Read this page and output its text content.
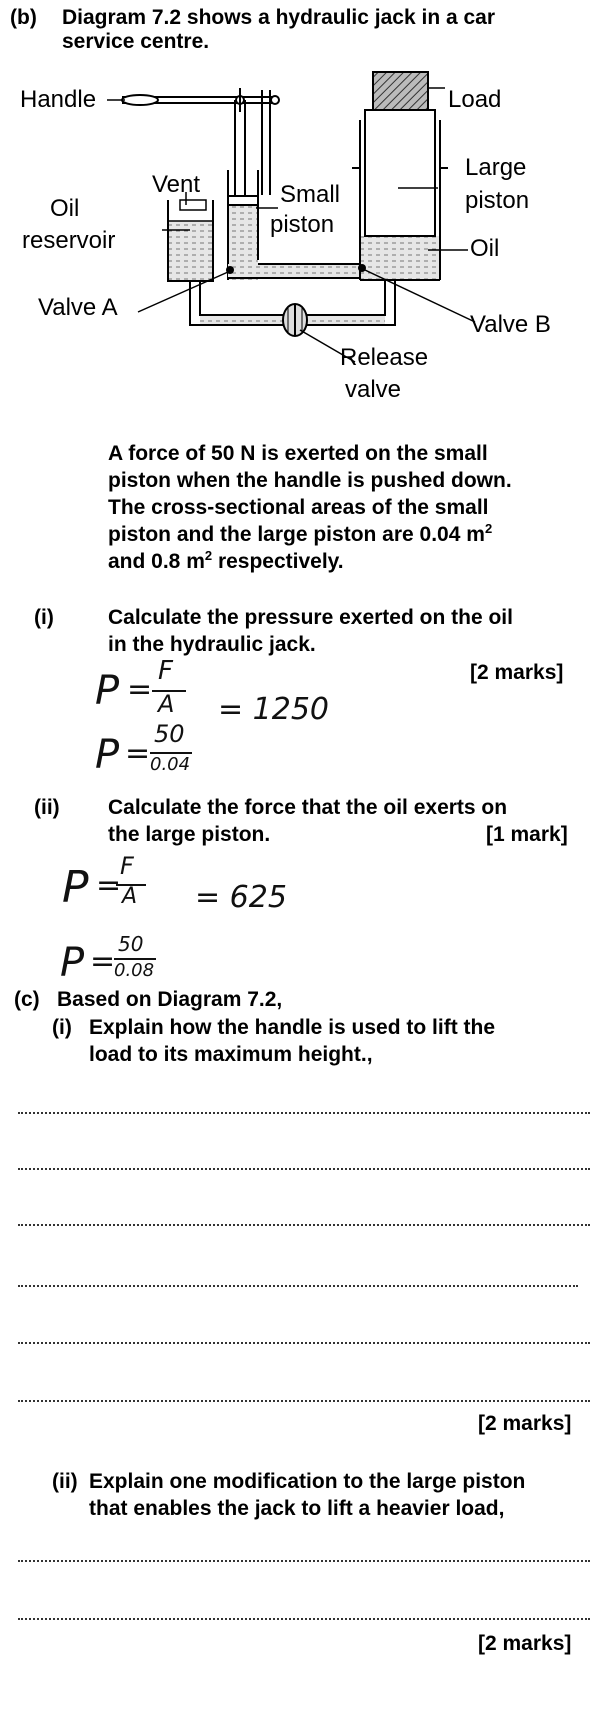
(b) Diagram 7.2 shows a hydraulic jack in a car
service centre.
Handle	Load
Vent	Small
piston
Large
piston
Oil
reservoir	Oil
Valve A
Valve B
Release
valve
A force of 50 N is exerted on the small
piston when the handle is pushed down.
The cross-sectional areas of the small
piston and the large piston are 0.04 $m^2$
and 0.8 $m^2$ respectively.
(i)	Calculate the pressure exerted on the oil
in the hydraulic jack.
[2 marks]
P =
F
A = 1250
P =
50
0.04
(ii) Calculate the force that the oil exerts on
the large piston.	[1 mark]
P =
F
A = 625
P = 50
0.08
(c) Based on Diagram 7.2,
(i) Explain how the handle is used to lift the
load to its maximum height.,
[2 marks]
(ii) Explain one modification to the large piston
that enables the jack to lift a heavier load,
[2 marks]
